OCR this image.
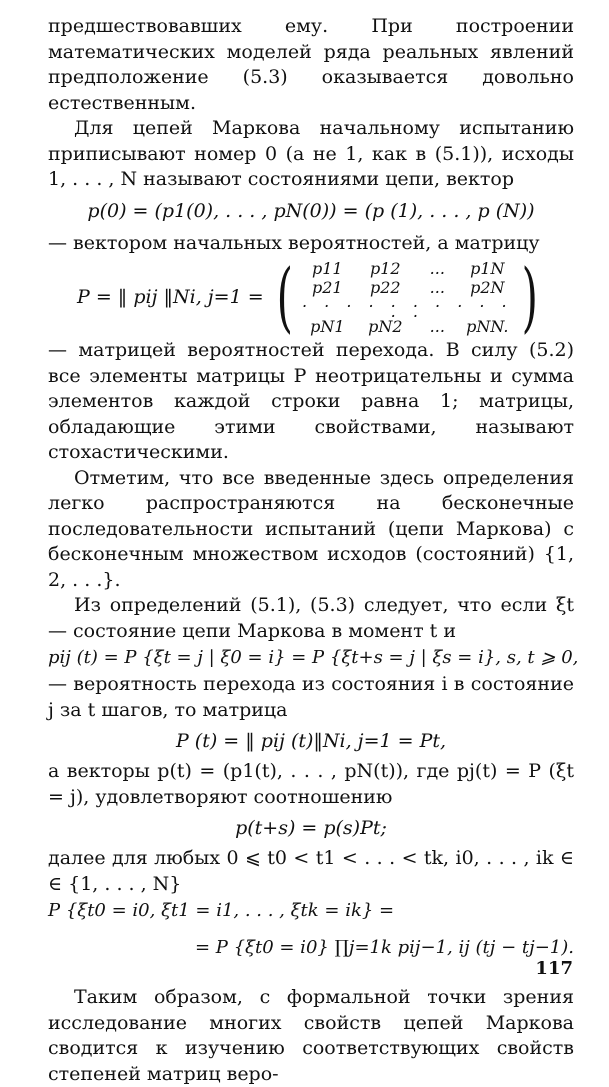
предшествовавших ему. При построении математических моделей ряда реальных явлений предположение (5.3) оказывается довольно естественным.

Для цепей Маркова начальному испытанию приписывают номер 0 (а не 1, как в (5.1)), исходы 1, . . . , N называют состояниями цепи, вектор

p(0) = (p1(0), . . . , pN(0)) = (p (1), . . . , p (N))

— вектором начальных вероятностей, а матрицу

P = ‖ pij ‖Ni, j=1 = (	p11	p12	...	p1N
p21	p22	...	p2N
. . . . . . . . . . . .
pN1	pN2	...	pNN. )

— матрицей вероятностей перехода. В силу (5.2) все элементы матрицы P неотрицательны и сумма элементов каждой строки равна 1; матрицы, обладающие этими свойствами, называют стохастическими.

Отметим, что все введенные здесь определения легко распространяются на бесконечные последовательности испытаний (цепи Маркова) с бесконечным множеством исходов (состояний) {1, 2, . . .}.

Из определений (5.1), (5.3) следует, что если ξt — состояние цепи Маркова в момент t и

pij (t) = P {ξt = j | ξ0 = i} = P {ξt+s = j | ξs = i}, s, t ⩾ 0,

— вероятность перехода из состояния i в состояние j за t шагов, то матрица

P (t) = ‖ pij (t)‖Ni, j=1 = Pt,

а векторы p(t) = (p1(t), . . . , pN(t)), где pj(t) = P (ξt = j), удовлетворяют соотношению

p(t+s) = p(s)Pt;

далее для любых 0 ⩽ t0 < t1 < . . . < tk, i0, . . . , ik ∈ ∈ {1, . . . , N}

P {ξt0 = i0, ξt1 = i1, . . . , ξtk = ik} =

= P {ξt0 = i0} ∏j=1k pij−1, ij (tj − tj−1).

Таким образом, с формальной точки зрения исследование многих свойств цепей Маркова сводится к изучению соответствующих свойств степеней матриц веро-

117
